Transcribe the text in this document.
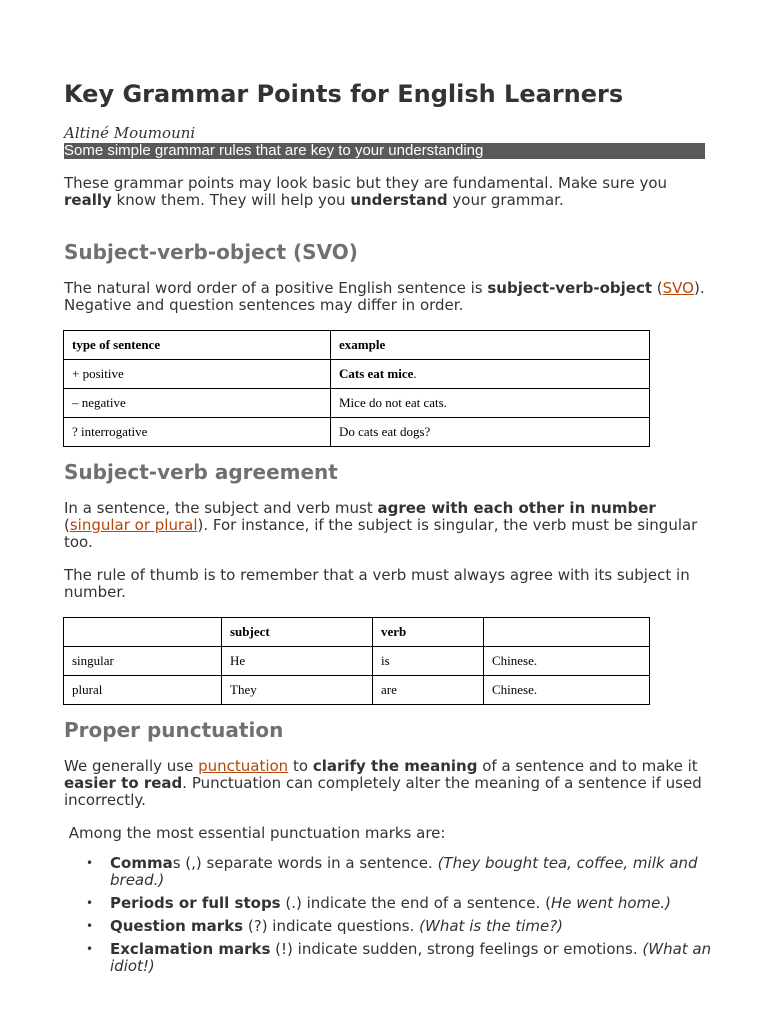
Key Grammar Points for English Learners
Altiné Moumouni
Some simple grammar rules that are key to your understanding

These grammar points may look basic but they are fundamental. Make sure you really know them. They will help you understand your grammar.

Subject-verb-object (SVO)

The natural word order of a positive English sentence is subject-verb-object (SVO). Negative and question sentences may differ in order.

type of sentence	example
+ positive	Cats eat mice.
– negative	Mice do not eat cats.
? interrogative	Do cats eat dogs?
Subject-verb agreement

In a sentence, the subject and verb must agree with each other in number (singular or plural). For instance, if the subject is singular, the verb must be singular too.

The rule of thumb is to remember that a verb must always agree with its subject in number.

	subject	verb	
singular	He	is	Chinese.
plural	They	are	Chinese.
Proper punctuation

We generally use punctuation to clarify the meaning of a sentence and to make it easier to read. Punctuation can completely alter the meaning of a sentence if used incorrectly.

Among the most essential punctuation marks are:

• Commas (,) separate words in a sentence. (They bought tea, coffee, milk and bread.)
• Periods or full stops (.) indicate the end of a sentence. (He went home.)
• Question marks (?) indicate questions. (What is the time?)
• Exclamation marks (!) indicate sudden, strong feelings or emotions. (What an idiot!)
